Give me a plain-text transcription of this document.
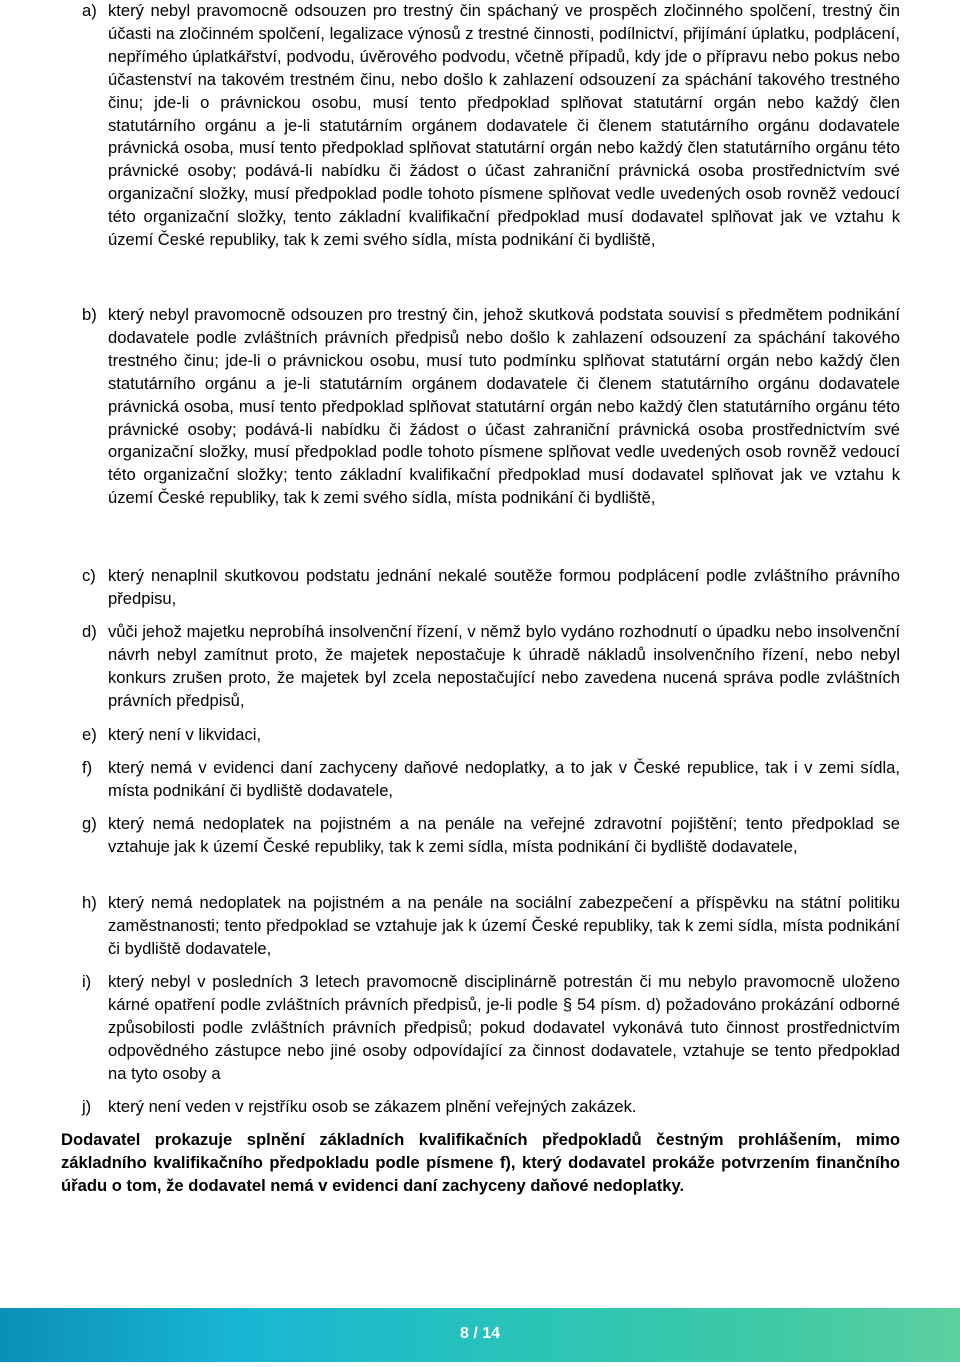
a) který nebyl pravomocně odsouzen pro trestný čin spáchaný ve prospěch zločinného spolčení, trestný čin účasti na zločinném spolčení, legalizace výnosů z trestné činnosti, podílnictví, přijímání úplatku, podplácení, nepřímého úplatkářství, podvodu, úvěrového podvodu, včetně případů, kdy jde o přípravu nebo pokus nebo účastenství na takovém trestném činu, nebo došlo k zahlazení odsouzení za spáchání takového trestného činu; jde-li o právnickou osobu, musí tento předpoklad splňovat statutární orgán nebo každý člen statutárního orgánu a je-li statutárním orgánem dodavatele či členem statutárního orgánu dodavatele právnická osoba, musí tento předpoklad splňovat statutární orgán nebo každý člen statutárního orgánu této právnické osoby; podává-li nabídku či žádost o účast zahraniční právnická osoba prostřednictvím své organizační složky, musí předpoklad podle tohoto písmene splňovat vedle uvedených osob rovněž vedoucí této organizační složky, tento základní kvalifikační předpoklad musí dodavatel splňovat jak ve vztahu k území České republiky, tak k zemi svého sídla, místa podnikání či bydliště,
b) který nebyl pravomocně odsouzen pro trestný čin, jehož skutková podstata souvisí s předmětem podnikání dodavatele podle zvláštních právních předpisů nebo došlo k zahlazení odsouzení za spáchání takového trestného činu; jde-li o právnickou osobu, musí tuto podmínku splňovat statutární orgán nebo každý člen statutárního orgánu a je-li statutárním orgánem dodavatele či členem statutárního orgánu dodavatele právnická osoba, musí tento předpoklad splňovat statutární orgán nebo každý člen statutárního orgánu této právnické osoby; podává-li nabídku či žádost o účast zahraniční právnická osoba prostřednictvím své organizační složky, musí předpoklad podle tohoto písmene splňovat vedle uvedených osob rovněž vedoucí této organizační složky; tento základní kvalifikační předpoklad musí dodavatel splňovat jak ve vztahu k území České republiky, tak k zemi svého sídla, místa podnikání či bydliště,
c) který nenaplnil skutkovou podstatu jednání nekalé soutěže formou podplácení podle zvláštního právního předpisu,
d) vůči jehož majetku neprobíhá insolvenční řízení, v němž bylo vydáno rozhodnutí o úpadku nebo insolvenční návrh nebyl zamítnut proto, že majetek nepostačuje k úhradě nákladů insolvenčního řízení, nebo nebyl konkurs zrušen proto, že majetek byl zcela nepostačující nebo zavedena nucená správa podle zvláštních právních předpisů,
e) který není v likvidaci,
f) který nemá v evidenci daní zachyceny daňové nedoplatky, a to jak v České republice, tak i v zemi sídla, místa podnikání či bydliště dodavatele,
g) který nemá nedoplatek na pojistném a na penále na veřejné zdravotní pojištění; tento předpoklad se vztahuje jak k území České republiky, tak k zemi sídla, místa podnikání či bydliště dodavatele,
h) který nemá nedoplatek na pojistném a na penále na sociální zabezpečení a příspěvku na státní politiku zaměstnanosti; tento předpoklad se vztahuje jak k území České republiky, tak k zemi sídla, místa podnikání či bydliště dodavatele,
i) který nebyl v posledních 3 letech pravomocně disciplinárně potrestán či mu nebylo pravomocně uloženo kárné opatření podle zvláštních právních předpisů, je-li podle § 54 písm. d) požadováno prokázání odborné způsobilosti podle zvláštních právních předpisů; pokud dodavatel vykonává tuto činnost prostřednictvím odpovědného zástupce nebo jiné osoby odpovídající za činnost dodavatele, vztahuje se tento předpoklad na tyto osoby a
j) který není veden v rejstříku osob se zákazem plnění veřejných zakázek.

Dodavatel prokazuje splnění základních kvalifikačních předpokladů čestným prohlášením, mimo základního kvalifikačního předpokladu podle písmene f), který dodavatel prokáže potvrzením finančního úřadu o tom, že dodavatel nemá v evidenci daní zachyceny daňové nedoplatky.

8 / 14
